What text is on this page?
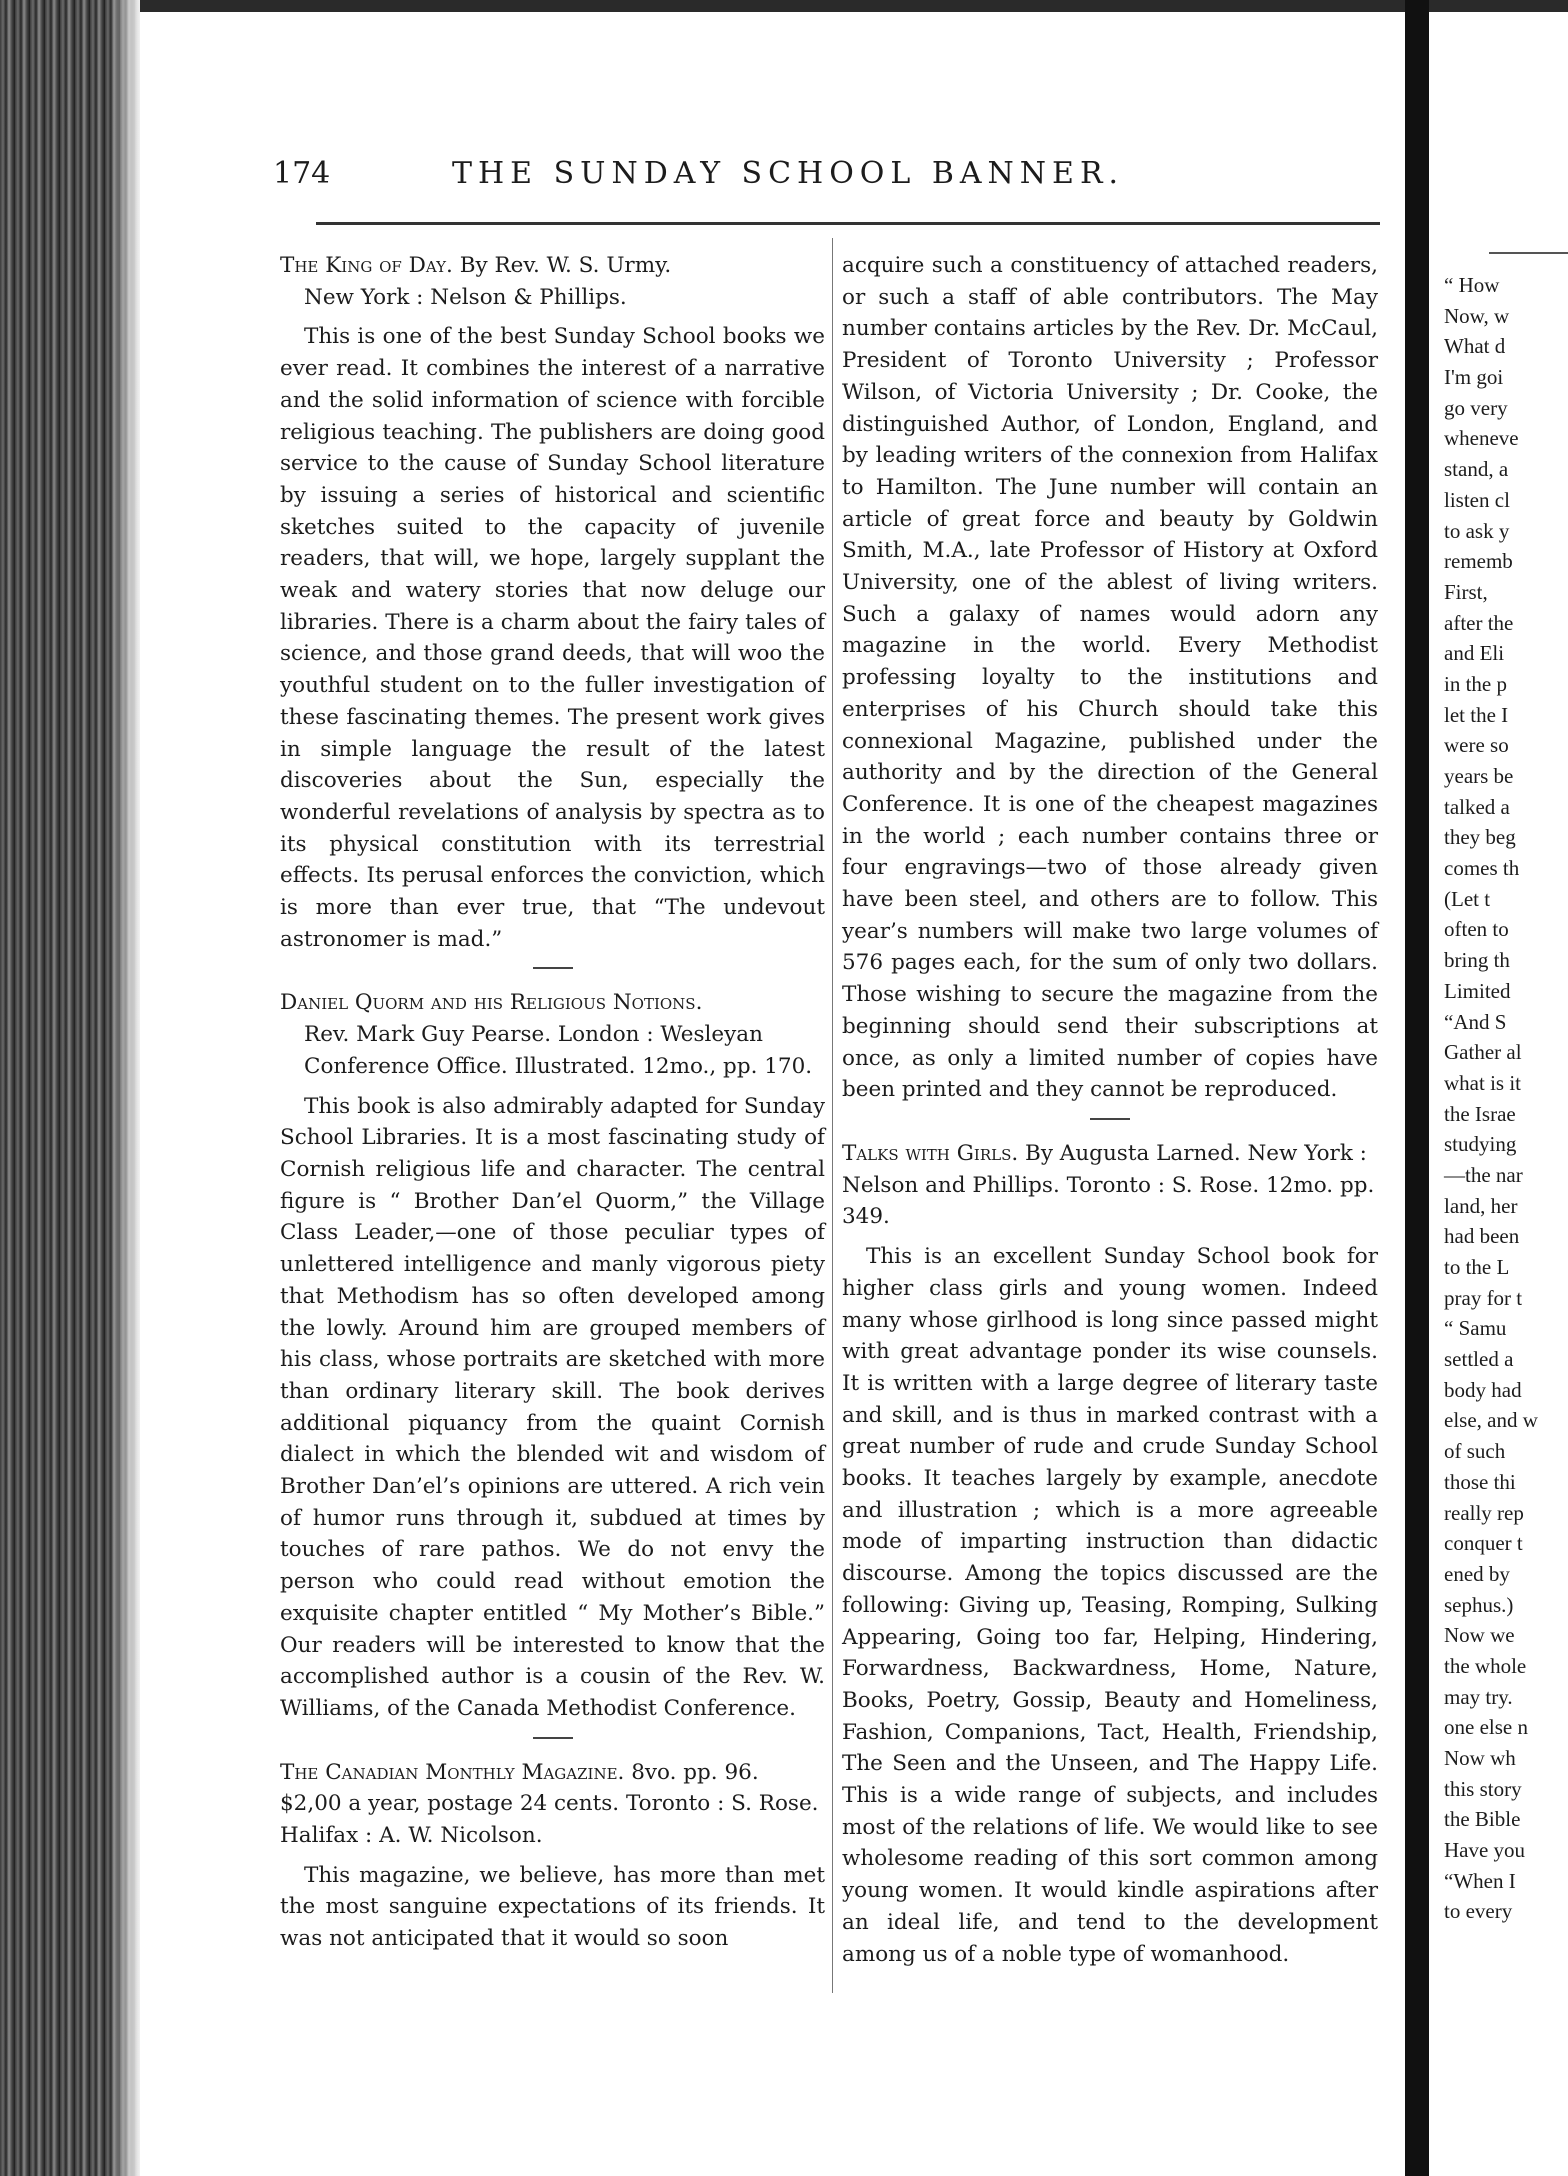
174	THE SUNDAY SCHOOL BANNER.
The King of Day. By Rev. W. S. Urmy.
New York : Nelson & Phillips.

This is one of the best Sunday School books we ever read. It combines the interest of a narrative and the solid information of science with forcible religious teaching. The publishers are doing good service to the cause of Sunday School literature by issuing a series of historical and scientific sketches suited to the capacity of juvenile readers, that will, we hope, largely supplant the weak and watery stories that now deluge our libraries. There is a charm about the fairy tales of science, and those grand deeds, that will woo the youthful student on to the fuller investigation of these fascinating themes. The present work gives in simple language the result of the latest discoveries about the Sun, especially the wonderful revelations of analysis by spectra as to its physical constitution with its terrestrial effects. Its perusal enforces the conviction, which is more than ever true, that “The undevout astronomer is mad.”

Daniel Quorm and his Religious Notions.
Rev. Mark Guy Pearse. London : Wesleyan Conference Office. Illustrated. 12mo., pp. 170.

This book is also admirably adapted for Sunday School Libraries. It is a most fascinating study of Cornish religious life and character. The central figure is “ Brother Dan’el Quorm,” the Village Class Leader,—one of those peculiar types of unlettered intelligence and manly vigorous piety that Methodism has so often developed among the lowly. Around him are grouped members of his class, whose portraits are sketched with more than ordinary literary skill. The book derives additional piquancy from the quaint Cornish dialect in which the blended wit and wisdom of Brother Dan’el’s opinions are uttered. A rich vein of humor runs through it, subdued at times by touches of rare pathos. We do not envy the person who could read without emotion the exquisite chapter entitled “ My Mother’s Bible.” Our readers will be interested to know that the accomplished author is a cousin of the Rev. W. Williams, of the Canada Methodist Conference.

The Canadian Monthly Magazine. 8vo. pp. 96. $2,00 a year, postage 24 cents. Toronto : S. Rose. Halifax : A. W. Nicolson.

This magazine, we believe, has more than met the most sanguine expectations of its friends. It was not anticipated that it would so soon

acquire such a constituency of attached readers, or such a staff of able contributors. The May number contains articles by the Rev. Dr. McCaul, President of Toronto University ; Professor Wilson, of Victoria University ; Dr. Cooke, the distinguished Author, of London, England, and by leading writers of the connexion from Halifax to Hamilton. The June number will contain an article of great force and beauty by Goldwin Smith, M.A., late Professor of History at Oxford University, one of the ablest of living writers. Such a galaxy of names would adorn any magazine in the world. Every Methodist professing loyalty to the institutions and enterprises of his Church should take this connexional Magazine, published under the authority and by the direction of the General Conference. It is one of the cheapest magazines in the world ; each number contains three or four engravings—two of those already given have been steel, and others are to follow. This year’s numbers will make two large volumes of 576 pages each, for the sum of only two dollars. Those wishing to secure the magazine from the beginning should send their subscriptions at once, as only a limited number of copies have been printed and they cannot be reproduced.

Talks with Girls. By Augusta Larned. New York : Nelson and Phillips. Toronto : S. Rose. 12mo. pp. 349.

This is an excellent Sunday School book for higher class girls and young women. Indeed many whose girlhood is long since passed might with great advantage ponder its wise counsels. It is written with a large degree of literary taste and skill, and is thus in marked contrast with a great number of rude and crude Sunday School books. It teaches largely by example, anecdote and illustration ; which is a more agreeable mode of imparting instruction than didactic discourse. Among the topics discussed are the following: Giving up, Teasing, Romping, Sulking Appearing, Going too far, Helping, Hindering, Forwardness, Backwardness, Home, Nature, Books, Poetry, Gossip, Beauty and Homeliness, Fashion, Companions, Tact, Health, Friendship, The Seen and the Unseen, and The Happy Life. This is a wide range of subjects, and includes most of the relations of life. We would like to see wholesome reading of this sort common among young women. It would kindle aspirations after an ideal life, and tend to the development among us of a noble type of womanhood.

“ How
Now, w
What d
I'm goi
go very
wheneve
stand, a
listen cl
to ask y
rememb
First,
after the
and Eli
in the p
let the I
were so
years be
talked a
they beg
comes th
(Let t
often to
bring th
Limited
“And S
Gather al
what is it
the Israe
studying
—the nar
land, her
had been
to the L
pray for t
“ Samu
settled a
body had
else, and w
of such
those thi
really rep
conquer t
ened by
sephus.)
Now we
the whole
may try.
one else n
Now wh
this story
the Bible
Have you
“When I
to every
